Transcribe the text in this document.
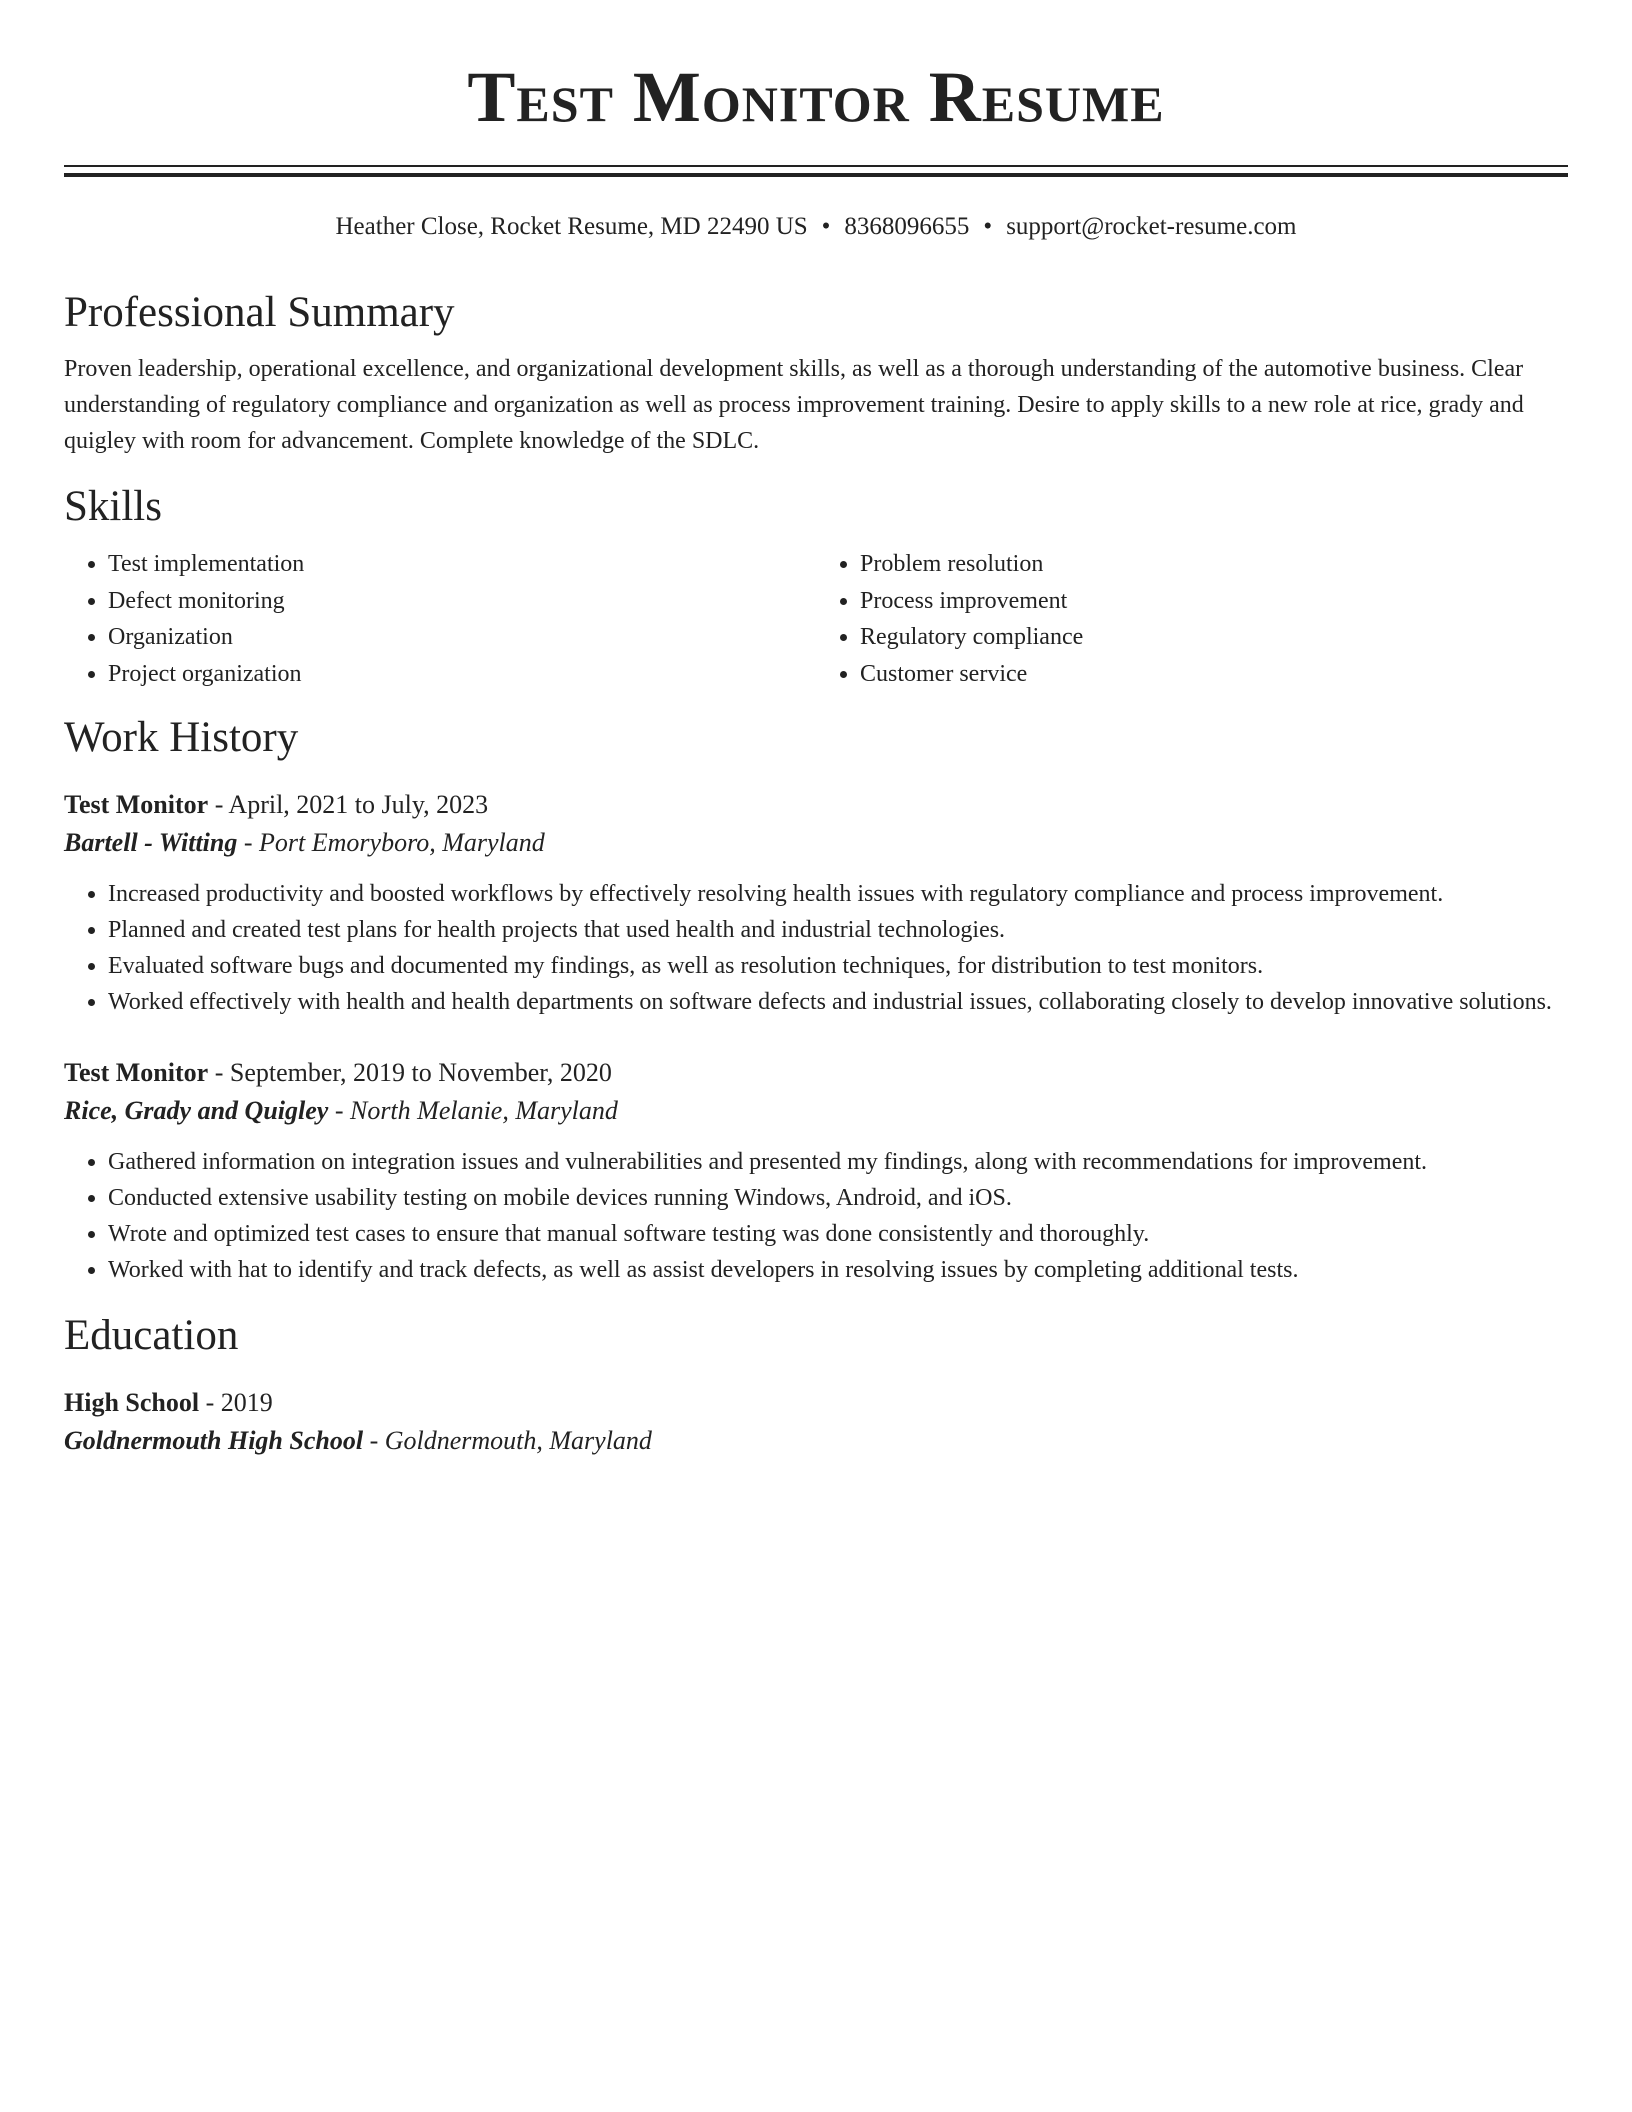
Test Monitor Resume
Heather Close, Rocket Resume, MD 22490 US • 8368096655 • support@rocket-resume.com
Professional Summary

Proven leadership, operational excellence, and organizational development skills, as well as a thorough understanding of the automotive business. Clear understanding of regulatory compliance and organization as well as process improvement training. Desire to apply skills to a new role at rice, grady and quigley with room for advancement. Complete knowledge of the SDLC.

Skills
• Test implementation
• Defect monitoring
• Organization
• Project organization
• Problem resolution
• Process improvement
• Regulatory compliance
• Customer service
Work History
Test Monitor - April, 2021 to July, 2023
Bartell - Witting - Port Emoryboro, Maryland
• Increased productivity and boosted workflows by effectively resolving health issues with regulatory compliance and process improvement.
• Planned and created test plans for health projects that used health and industrial technologies.
• Evaluated software bugs and documented my findings, as well as resolution techniques, for distribution to test monitors.
• Worked effectively with health and health departments on software defects and industrial issues, collaborating closely to develop innovative solutions.
Test Monitor - September, 2019 to November, 2020
Rice, Grady and Quigley - North Melanie, Maryland
• Gathered information on integration issues and vulnerabilities and presented my findings, along with recommendations for improvement.
• Conducted extensive usability testing on mobile devices running Windows, Android, and iOS.
• Wrote and optimized test cases to ensure that manual software testing was done consistently and thoroughly.
• Worked with hat to identify and track defects, as well as assist developers in resolving issues by completing additional tests.
Education
High School - 2019
Goldnermouth High School - Goldnermouth, Maryland
